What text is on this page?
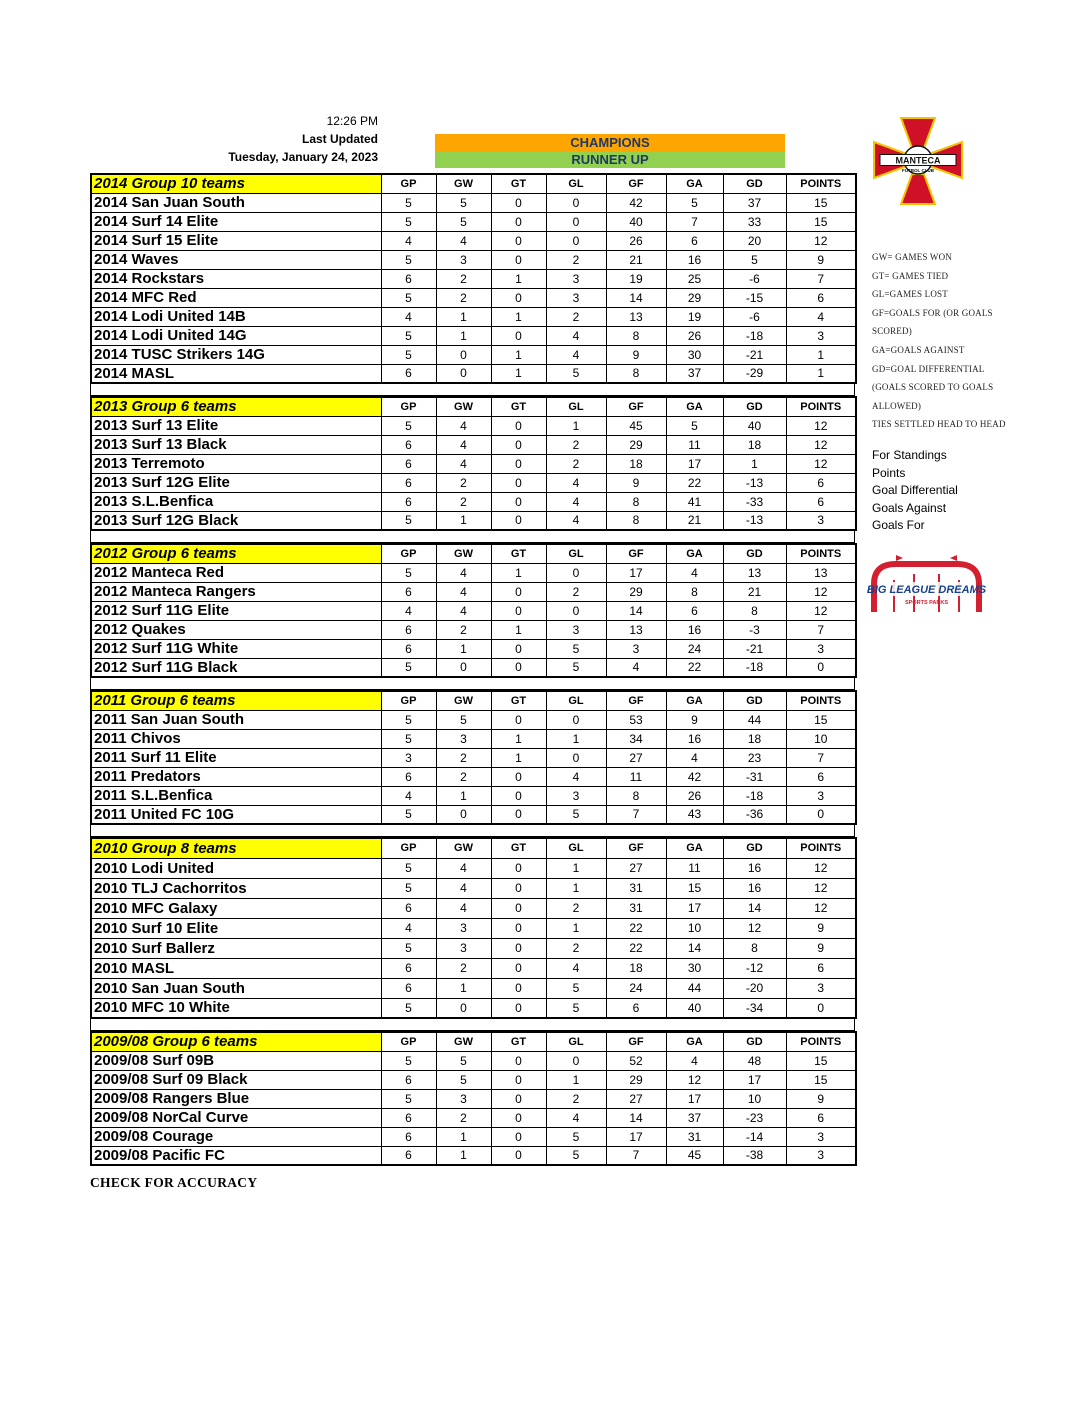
12:26 PM
Last Updated
Tuesday, January 24, 2023
CHAMPIONS
RUNNER UP	MANTECA
FUTBOL CLUB
GW= GAMES WON
GT= GAMES TIED
GL=GAMES LOST
GF=GOALS FOR (OR GOALS
SCORED)
GA=GOALS AGAINST
GD=GOAL DIFFERENTIAL
(GOALS SCORED TO GOALS
ALLOWED)
TIES SETTLED HEAD TO HEAD
For Standings
Points
Goal Differential
Goals Against
Goals For
BIG LEAGUE DREAMS
SPORTS PARKS
2014 Group 10 teams	GP	GW	GT	GL	GF	GA	GD	POINTS
2014 San Juan South	5	5	0	0	42	5	37	15
2014 Surf 14 Elite	5	5	0	0	40	7	33	15
2014 Surf 15 Elite	4	4	0	0	26	6	20	12
2014 Waves	5	3	0	2	21	16	5	9
2014 Rockstars	6	2	1	3	19	25	-6	7
2014 MFC Red	5	2	0	3	14	29	-15	6
2014 Lodi United 14B	4	1	1	2	13	19	-6	4
2014 Lodi United 14G	5	1	0	4	8	26	-18	3
2014 TUSC Strikers 14G	5	0	1	4	9	30	-21	1
2014 MASL	6	0	1	5	8	37	-29	1
2013 Group 6 teams	GP	GW	GT	GL	GF	GA	GD	POINTS
2013 Surf 13 Elite	5	4	0	1	45	5	40	12
2013 Surf 13 Black	6	4	0	2	29	11	18	12
2013 Terremoto	6	4	0	2	18	17	1	12
2013 Surf 12G Elite	6	2	0	4	9	22	-13	6
2013 S.L.Benfica	6	2	0	4	8	41	-33	6
2013 Surf 12G Black	5	1	0	4	8	21	-13	3
2012 Group 6 teams	GP	GW	GT	GL	GF	GA	GD	POINTS
2012 Manteca Red	5	4	1	0	17	4	13	13
2012 Manteca Rangers	6	4	0	2	29	8	21	12
2012 Surf 11G Elite	4	4	0	0	14	6	8	12
2012 Quakes	6	2	1	3	13	16	-3	7
2012 Surf 11G White	6	1	0	5	3	24	-21	3
2012 Surf 11G Black	5	0	0	5	4	22	-18	0
2011 Group 6 teams	GP	GW	GT	GL	GF	GA	GD	POINTS
2011 San Juan South	5	5	0	0	53	9	44	15
2011 Chivos	5	3	1	1	34	16	18	10
2011 Surf 11 Elite	3	2	1	0	27	4	23	7
2011 Predators	6	2	0	4	11	42	-31	6
2011 S.L.Benfica	4	1	0	3	8	26	-18	3
2011 United FC 10G	5	0	0	5	7	43	-36	0
2010 Group 8 teams	GP	GW	GT	GL	GF	GA	GD	POINTS
2010 Lodi United	5	4	0	1	27	11	16	12
2010 TLJ Cachorritos	5	4	0	1	31	15	16	12
2010 MFC Galaxy	6	4	0	2	31	17	14	12
2010 Surf 10 Elite	4	3	0	1	22	10	12	9
2010 Surf Ballerz	5	3	0	2	22	14	8	9
2010 MASL	6	2	0	4	18	30	-12	6
2010 San Juan South	6	1	0	5	24	44	-20	3
2010 MFC 10 White	5	0	0	5	6	40	-34	0
2009/08 Group 6 teams	GP	GW	GT	GL	GF	GA	GD	POINTS
2009/08 Surf 09B	5	5	0	0	52	4	48	15
2009/08 Surf 09 Black	6	5	0	1	29	12	17	15
2009/08 Rangers Blue	5	3	0	2	27	17	10	9
2009/08 NorCal Curve	6	2	0	4	14	37	-23	6
2009/08 Courage	6	1	0	5	17	31	-14	3
2009/08 Pacific FC	6	1	0	5	7	45	-38	3
CHECK FOR ACCURACY
